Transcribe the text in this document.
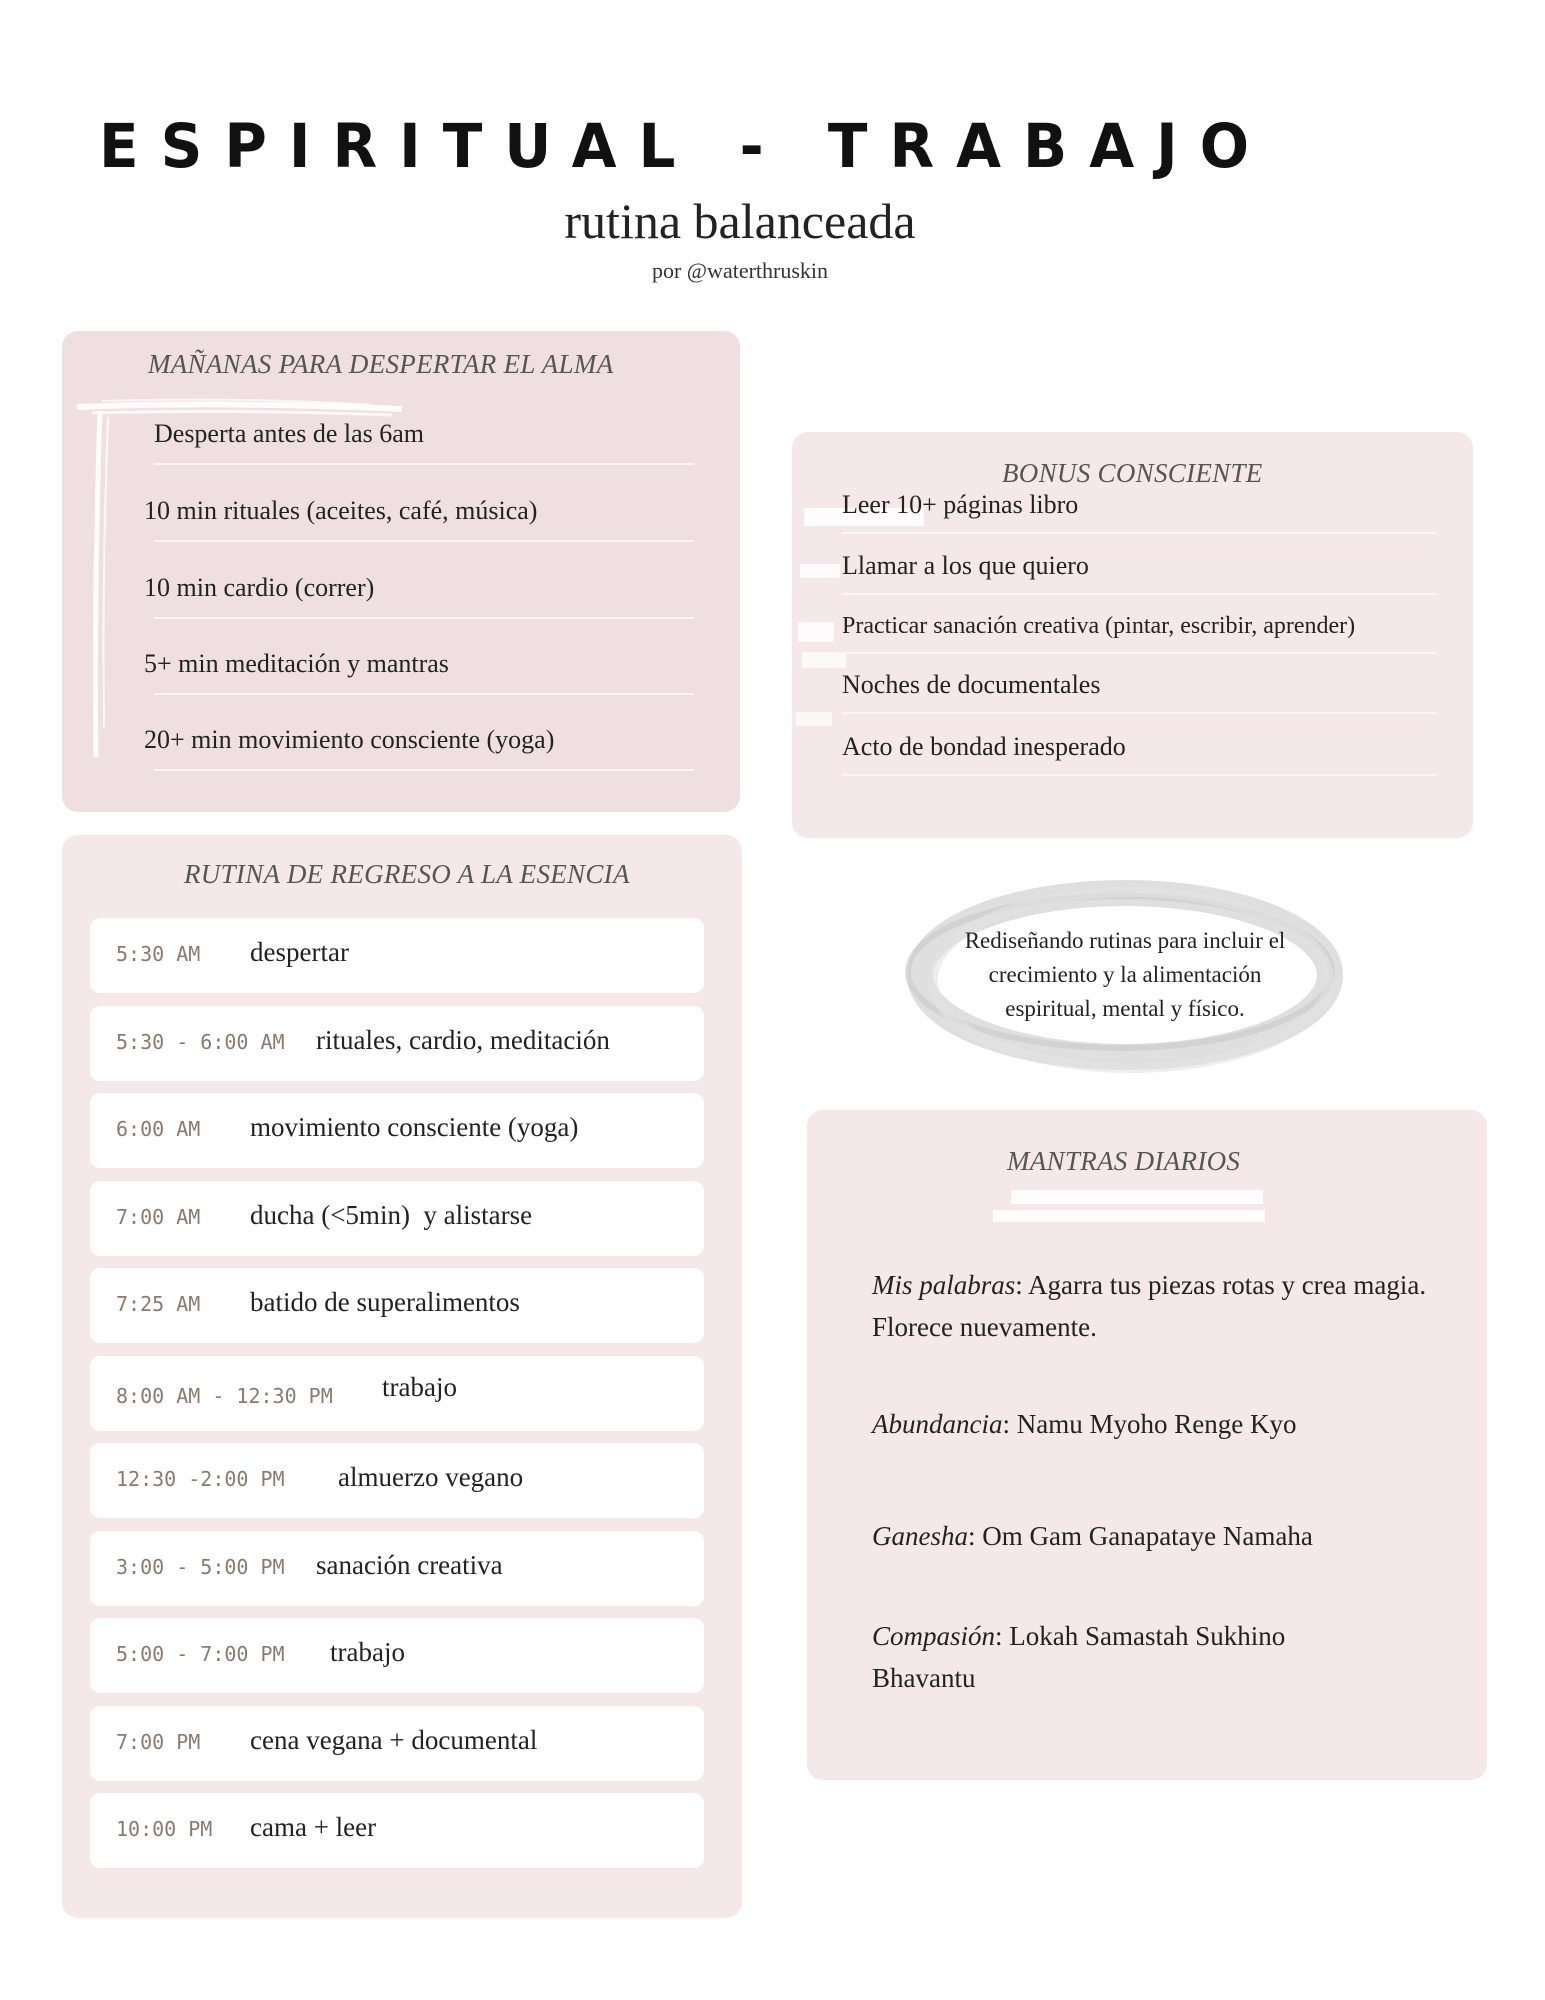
ESPIRITUAL - TRABAJO
rutina balanceada
por @waterthruskin
MAÑANAS PARA DESPERTAR EL ALMA
Desperta antes de las 6am
10 min rituales (aceites, café, música)
10 min cardio (correr)
5+ min meditación y mantras
20+ min movimiento consciente (yoga)
BONUS CONSCIENTE
Leer 10+ páginas libro
Llamar a los que quiero
Practicar sanación creativa (pintar, escribir, aprender)
Noches de documentales
Acto de bondad inesperado
RUTINA DE REGRESO A LA ESENCIA
5:30 AM despertar
5:30 - 6:00 AM rituales, cardio, meditación
6:00 AM movimiento consciente (yoga)
7:00 AM ducha (<5min)  y alistarse
7:25 AM batido de superalimentos
8:00 AM - 12:30 PM trabajo
12:30 -2:00 PM almuerzo vegano
3:00 - 5:00 PM sanación creativa
5:00 - 7:00 PM trabajo
7:00 PM cena vegana + documental
10:00 PM cama + leer
Rediseñando rutinas para incluir el
crecimiento y la alimentación
espiritual, mental y físico.
MANTRAS DIARIOS
Mis palabras: Agarra tus piezas rotas y crea magia. Florece nuevamente.
Abundancia: Namu Myoho Renge Kyo
Ganesha: Om Gam Ganapataye Namaha
Compasión: Lokah Samastah Sukhino Bhavantu
